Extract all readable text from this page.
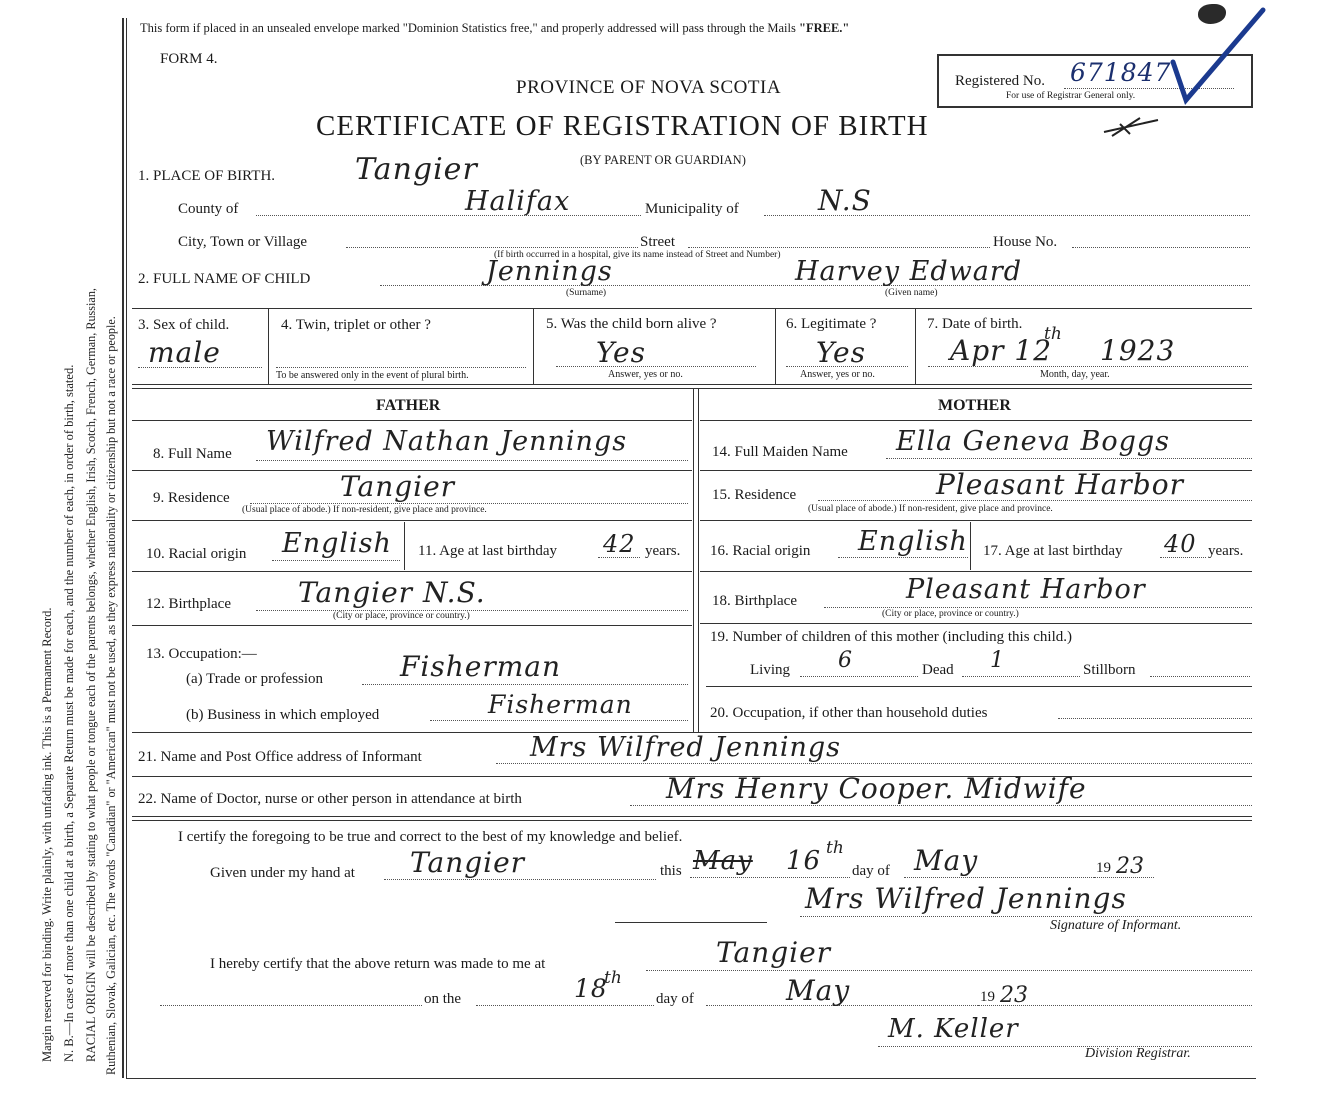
Margin reserved for binding. Write plainly, with unfading ink. This is a Permanent Record. N. B.—In case of more than one child at a birth, a Separate Return must be made for each, and the number of each, in order of birth, stated. RACIAL ORIGIN will be described by stating to what people or tongue each of the parents belongs, whether English, Irish, Scotch, French, German, Russian, Ruthenian, Slovak, Galician, etc. The words "Canadian" or "American" must not be used, as they express nationality or citizenship but not a race or people.
This form if placed in an unsealed envelope marked "Dominion Statistics free," and properly addressed will pass through the Mails "FREE."
FORM 4.
PROVINCE OF NOVA SCOTIA
CERTIFICATE OF REGISTRATION OF BIRTH
(BY PARENT OR GUARDIAN)
Registered No. 671847
For use of Registrar General only.
1. PLACE OF BIRTH.	Tangier
County of	Halifax	Municipality of	N.S
City, Town or Village	Street	House No.
(If birth occurred in a hospital, give its name instead of Street and Number)
2. FULL NAME OF CHILD	Jennings	Harvey Edward
(Surname)	(Given name)
3. Sex of child.
male
4. Twin, triplet or other ?
To be answered only in the event of plural birth.
5. Was the child born alive ?
Yes
Answer, yes or no.
6. Legitimate ?
Yes
Answer, yes or no.
7. Date of birth.
Apr 12
th 1923
Month, day, year.
FATHER	MOTHER
8. Full Name Wilfred Nathan Jennings
9. Residence	Tangier
(Usual place of abode.) If non-resident, give place and province.
10. Racial origin English 11. Age at last birthday 42 years.
12. Birthplace Tangier N.S.
(City or place, province or country.)
13. Occupation:—
(a) Trade or profession	Fisherman
(b) Business in which employed	Fisherman
14. Full Maiden Name Ella Geneva Boggs
15. Residence	Pleasant Harbor
(Usual place of abode.) If non-resident, give place and province.
16. Racial origin English 17. Age at last birthday 40 years.
18. Birthplace	Pleasant Harbor
(City or place, province or country.)
19. Number of children of this mother (including this child.)
Living 6	Dead 1	Stillborn
20. Occupation, if other than household duties
21. Name and Post Office address of Informant	Mrs Wilfred Jennings
22. Name of Doctor, nurse or other person in attendance at birth	Mrs Henry Cooper. Midwife
I certify the foregoing to be true and correct to the best of my knowledge and belief.
Given under my hand at Tangier	this May 16 th
day of May	19 23
Mrs Wilfred Jennings
Signature of Informant.
I hereby certify that the above return was made to me at	Tangier
on the	18
th
day of	May	19 23
M. Keller
Division Registrar.
